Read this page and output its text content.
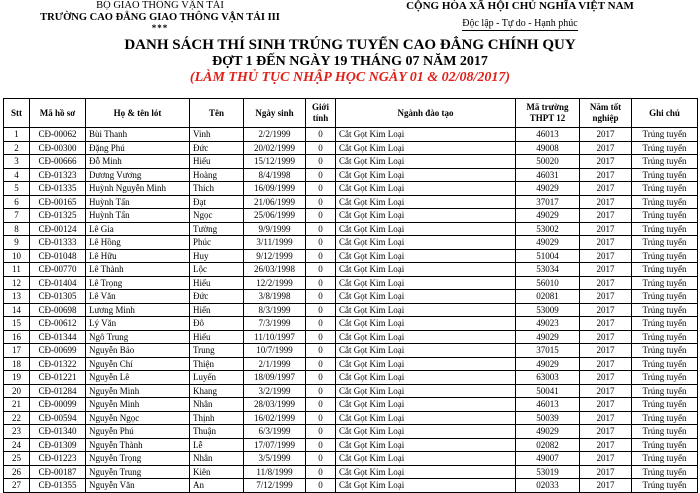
BỘ GIAO THÔNG VẬN TẢI
TRƯỜNG CAO ĐẲNG GIAO THÔNG VẬN TẢI III
***
CỘNG HÒA XÃ HỘI CHỦ NGHĨA VIỆT NAM
Độc lập - Tự do - Hạnh phúc
DANH SÁCH THÍ SINH TRÚNG TUYỂN CAO ĐẲNG CHÍNH QUY
ĐỢT 1 ĐẾN NGÀY 19 THÁNG 07 NĂM 2017
(LÀM THỦ TỤC NHẬP HỌC NGÀY 01 & 02/08/2017)
Stt	Mã hồ sơ	Họ & tên lót	Tên	Ngày sinh	Giới tính	Ngành đào tạo	Mã trường THPT 12	Năm tốt nghiệp	Ghi chú
1	CĐ-00062	Bùi Thanh	Vinh	2/2/1999	0	Cắt Gọt Kim Loại	46013	2017	Trúng tuyển
2	CĐ-00300	Đặng Phú	Đức	20/02/1999	0	Cắt Gọt Kim Loại	49008	2017	Trúng tuyển
3	CĐ-00666	Đỗ Minh	Hiếu	15/12/1999	0	Cắt Gọt Kim Loại	50020	2017	Trúng tuyển
4	CĐ-01323	Dương Vương	Hoàng	8/4/1998	0	Cắt Gọt Kim Loại	46031	2017	Trúng tuyển
5	CĐ-01335	Huỳnh Nguyễn Minh	Thích	16/09/1999	0	Cắt Gọt Kim Loại	49029	2017	Trúng tuyển
6	CĐ-00165	Huỳnh Tấn	Đạt	21/06/1999	0	Cắt Gọt Kim Loại	37017	2017	Trúng tuyển
7	CĐ-01325	Huỳnh Tấn	Ngọc	25/06/1999	0	Cắt Gọt Kim Loại	49029	2017	Trúng tuyển
8	CĐ-00124	Lê Gia	Tường	9/9/1999	0	Cắt Gọt Kim Loại	53002	2017	Trúng tuyển
9	CĐ-01333	Lê Hồng	Phúc	3/11/1999	0	Cắt Gọt Kim Loại	49029	2017	Trúng tuyển
10	CĐ-01048	Lê Hữu	Huy	9/12/1999	0	Cắt Gọt Kim Loại	51004	2017	Trúng tuyển
11	CĐ-00770	Lê Thành	Lộc	26/03/1998	0	Cắt Gọt Kim Loại	53034	2017	Trúng tuyển
12	CĐ-01404	Lê Trọng	Hiếu	12/2/1999	0	Cắt Gọt Kim Loại	56010	2017	Trúng tuyển
13	CĐ-01305	Lê Văn	Đức	3/8/1998	0	Cắt Gọt Kim Loại	02081	2017	Trúng tuyển
14	CĐ-00698	Lương Minh	Hiển	8/3/1999	0	Cắt Gọt Kim Loại	53009	2017	Trúng tuyển
15	CĐ-00612	Lý Văn	Đô	7/3/1999	0	Cắt Gọt Kim Loại	49023	2017	Trúng tuyển
16	CĐ-01344	Ngô Trung	Hiếu	11/10/1997	0	Cắt Gọt Kim Loại	49029	2017	Trúng tuyển
17	CĐ-00699	Nguyễn Bảo	Trung	10/7/1999	0	Cắt Gọt Kim Loại	37015	2017	Trúng tuyển
18	CĐ-01322	Nguyễn Chí	Thiện	2/1/1999	0	Cắt Gọt Kim Loại	49029	2017	Trúng tuyển
19	CĐ-01221	Nguyễn Lê	Luyến	18/09/1997	0	Cắt Gọt Kim Loại	63003	2017	Trúng tuyển
20	CĐ-01284	Nguyễn Minh	Khang	3/2/1999	0	Cắt Gọt Kim Loại	50041	2017	Trúng tuyển
21	CĐ-00099	Nguyễn Minh	Nhân	28/03/1999	0	Cắt Gọt Kim Loại	46013	2017	Trúng tuyển
22	CĐ-00594	Nguyễn Ngọc	Thịnh	16/02/1999	0	Cắt Gọt Kim Loại	50039	2017	Trúng tuyển
23	CĐ-01340	Nguyễn Phú	Thuận	6/3/1999	0	Cắt Gọt Kim Loại	49029	2017	Trúng tuyển
24	CĐ-01309	Nguyễn Thành	Lễ	17/07/1999	0	Cắt Gọt Kim Loại	02082	2017	Trúng tuyển
25	CĐ-01223	Nguyễn Trọng	Nhân	3/5/1999	0	Cắt Gọt Kim Loại	49007	2017	Trúng tuyển
26	CĐ-00187	Nguyễn Trung	Kiên	11/8/1999	0	Cắt Gọt Kim Loại	53019	2017	Trúng tuyển
27	CĐ-01355	Nguyễn Văn	An	7/12/1999	0	Cắt Gọt Kim Loại	02033	2017	Trúng tuyển
